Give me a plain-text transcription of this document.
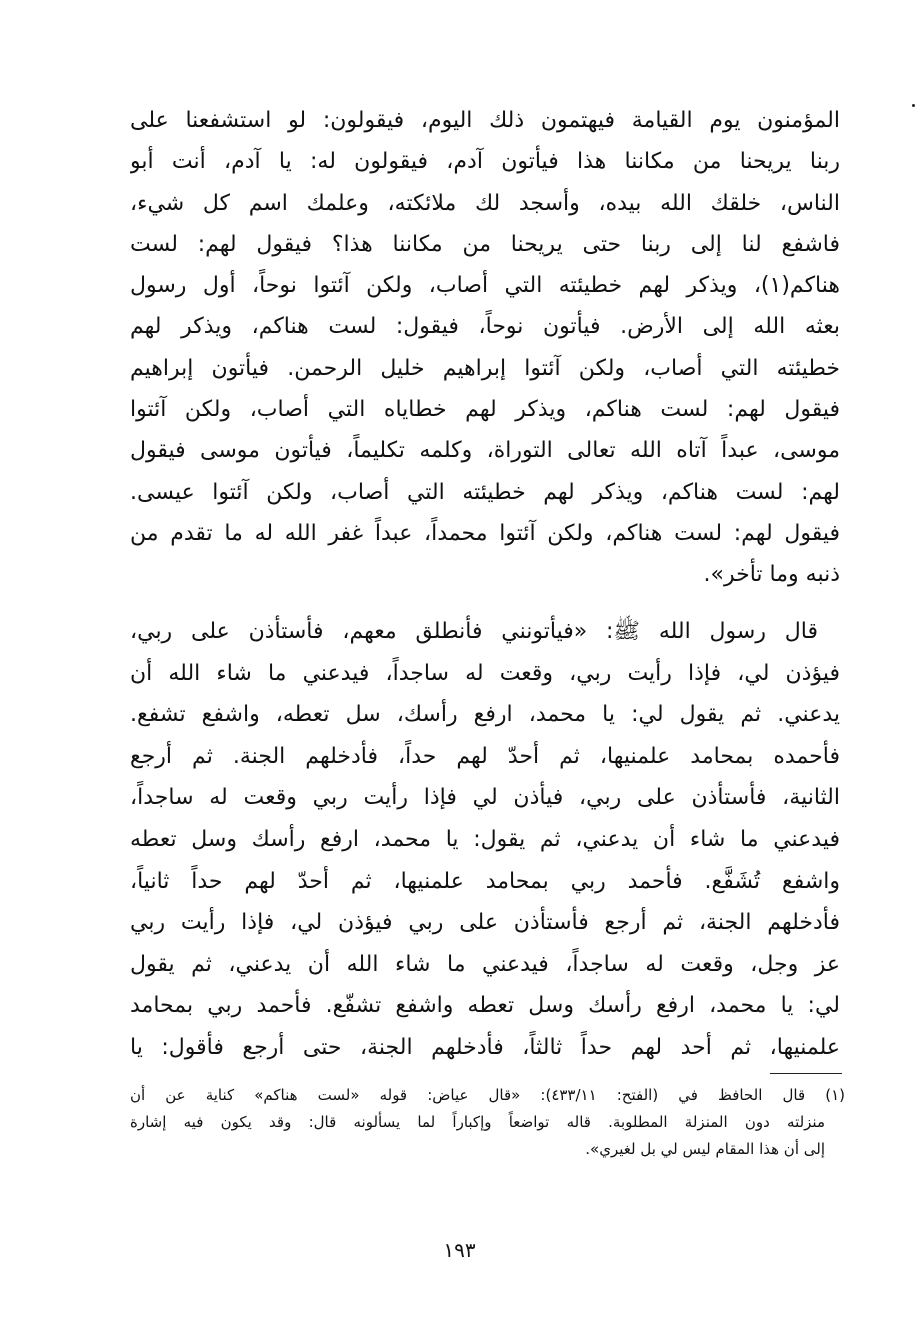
المؤمنون يوم القيامة فيهتمون ذلك اليوم، فيقولون: لو استشفعنا على
ربنا يريحنا من مكاننا هذا فيأتون آدم، فيقولون له: يا آدم، أنت أبو
الناس، خلقك الله بيده، وأسجد لك ملائكته، وعلمك اسم كل شيء،
فاشفع لنا إلى ربنا حتى يريحنا من مكاننا هذا؟ فيقول لهم: لست
هناكم(١)، ويذكر لهم خطيئته التي أصاب، ولكن آئتوا نوحاً، أول رسول
بعثه الله إلى الأرض. فيأتون نوحاً، فيقول: لست هناكم، ويذكر لهم
خطيئته التي أصاب، ولكن آئتوا إبراهيم خليل الرحمن. فيأتون إبراهيم
فيقول لهم: لست هناكم، ويذكر لهم خطاياه التي أصاب، ولكن آئتوا
موسى، عبداً آتاه الله تعالى التوراة، وكلمه تكليماً، فيأتون موسى فيقول
لهم: لست هناكم، ويذكر لهم خطيئته التي أصاب، ولكن آئتوا عيسى.
فيقول لهم: لست هناكم، ولكن آئتوا محمداً، عبداً غفر الله له ما تقدم من
ذنبه وما تأخر».
قال رسول الله ﷺ: «فيأتونني فأنطلق معهم، فأستأذن على ربي،
فيؤذن لي، فإذا رأيت ربي، وقعت له ساجداً، فيدعني ما شاء الله أن
يدعني. ثم يقول لي: يا محمد، ارفع رأسك، سل تعطه، واشفع تشفع.
فأحمده بمحامد علمنيها، ثم أحدّ لهم حداً، فأدخلهم الجنة. ثم أرجع
الثانية، فأستأذن على ربي، فيأذن لي فإذا رأيت ربي وقعت له ساجداً،
فيدعني ما شاء أن يدعني، ثم يقول: يا محمد، ارفع رأسك وسل تعطه
واشفع تُشَفَّع. فأحمد ربي بمحامد علمنيها، ثم أحدّ لهم حداً ثانياً،
فأدخلهم الجنة، ثم أرجع فأستأذن على ربي فيؤذن لي، فإذا رأيت ربي
عز وجل، وقعت له ساجداً، فيدعني ما شاء الله أن يدعني، ثم يقول
لي: يا محمد، ارفع رأسك وسل تعطه واشفع تشفّع. فأحمد ربي بمحامد
علمنيها، ثم أحد لهم حداً ثالثاً، فأدخلهم الجنة، حتى أرجع فأقول: يا
(١) قال الحافظ في (الفتح: ٤٣٣/١١): «قال عياض: قوله «لست هناكم» كناية عن أن
منزلته دون المنزلة المطلوبة. قاله تواضعاً وإكباراً لما يسألونه قال: وقد يكون فيه إشارة
إلى أن هذا المقام ليس لي بل لغيري».
١٩٣
